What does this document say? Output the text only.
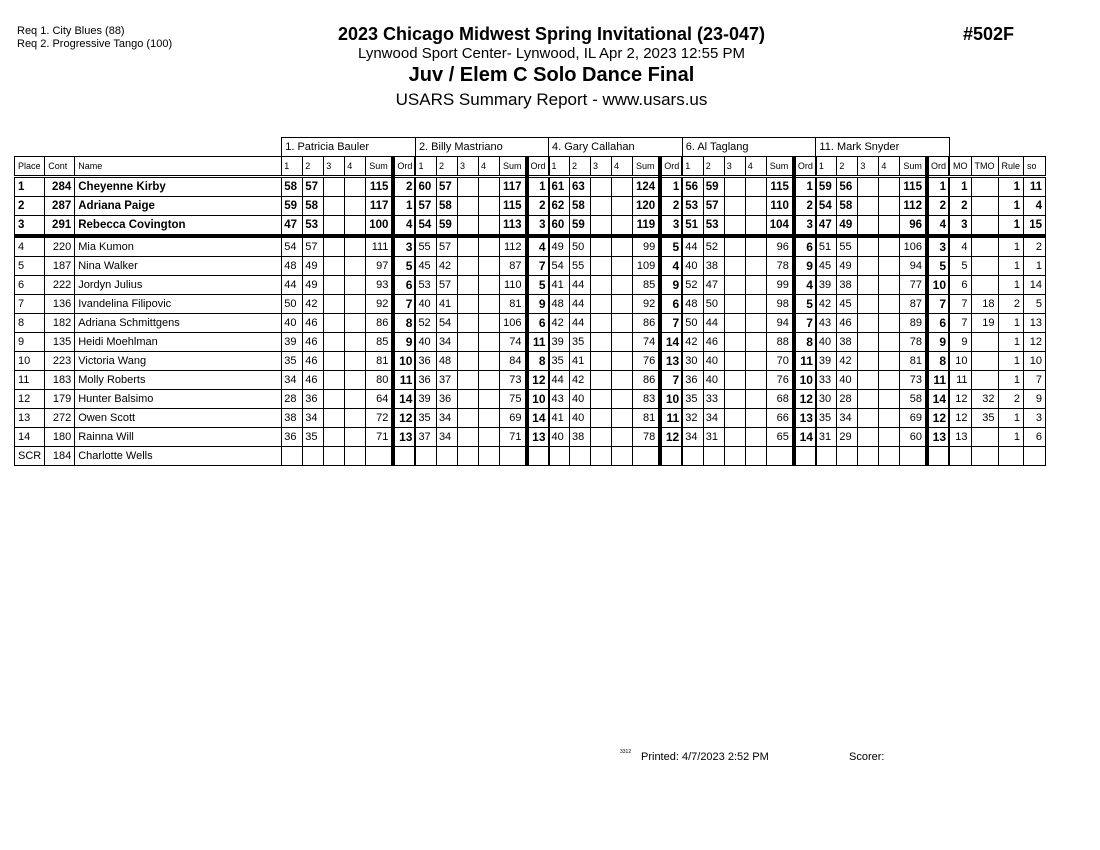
Req 1. City Blues (88)
Req 2. Progressive Tango (100)	2023 Chicago Midwest Spring Invitational (23-047)
Lynwood Sport Center- Lynwood, IL Apr 2, 2023 12:55 PM
Juv / Elem C Solo Dance Final
USARS Summary Report - www.usars.us
#502F
			1. Patricia Bauler						2. Billy Mastriano						4. Gary Callahan						6. Al Taglang						11. Mark Snyder									
Place	Cont	Name	1	2	3	4	Sum	Ord	1	2	3	4	Sum	Ord	1	2	3	4	Sum	Ord	1	2	3	4	Sum	Ord	1	2	3	4	Sum	Ord	MO	TMO	Rule	so
1	284	Cheyenne Kirby	58	57			115	2	60	57			117	1	61	63			124	1	56	59			115	1	59	56			115	1	1		1	11
2	287	Adriana Paige	59	58			117	1	57	58			115	2	62	58			120	2	53	57			110	2	54	58			112	2	2		1	4
3	291	Rebecca Covington	47	53			100	4	54	59			113	3	60	59			119	3	51	53			104	3	47	49			96	4	3		1	15
4	220	Mia Kumon	54	57			111	3	55	57			112	4	49	50			99	5	44	52			96	6	51	55			106	3	4		1	2
5	187	Nina Walker	48	49			97	5	45	42			87	7	54	55			109	4	40	38			78	9	45	49			94	5	5		1	1
6	222	Jordyn Julius	44	49			93	6	53	57			110	5	41	44			85	9	52	47			99	4	39	38			77	10	6		1	14
7	136	Ivandelina Filipovic	50	42			92	7	40	41			81	9	48	44			92	6	48	50			98	5	42	45			87	7	7	18	2	5
8	182	Adriana Schmittgens	40	46			86	8	52	54			106	6	42	44			86	7	50	44			94	7	43	46			89	6	7	19	1	13
9	135	Heidi Moehlman	39	46			85	9	40	34			74	11	39	35			74	14	42	46			88	8	40	38			78	9	9		1	12
10	223	Victoria Wang	35	46			81	10	36	48			84	8	35	41			76	13	30	40			70	11	39	42			81	8	10		1	10
11	183	Molly Roberts	34	46			80	11	36	37			73	12	44	42			86	7	36	40			76	10	33	40			73	11	11		1	7
12	179	Hunter Balsimo	28	36			64	14	39	36			75	10	43	40			83	10	35	33			68	12	30	28			58	14	12	32	2	9
13	272	Owen Scott	38	34			72	12	35	34			69	14	41	40			81	11	32	34			66	13	35	34			69	12	12	35	1	3
14	180	Rainna Will	36	35			71	13	37	34			71	13	40	38			78	12	34	31			65	14	31	29			60	13	13		1	6
SCR	184	Charlotte Wells																																		
3312 Printed: 4/7/2023 2:52 PM	Scorer:
